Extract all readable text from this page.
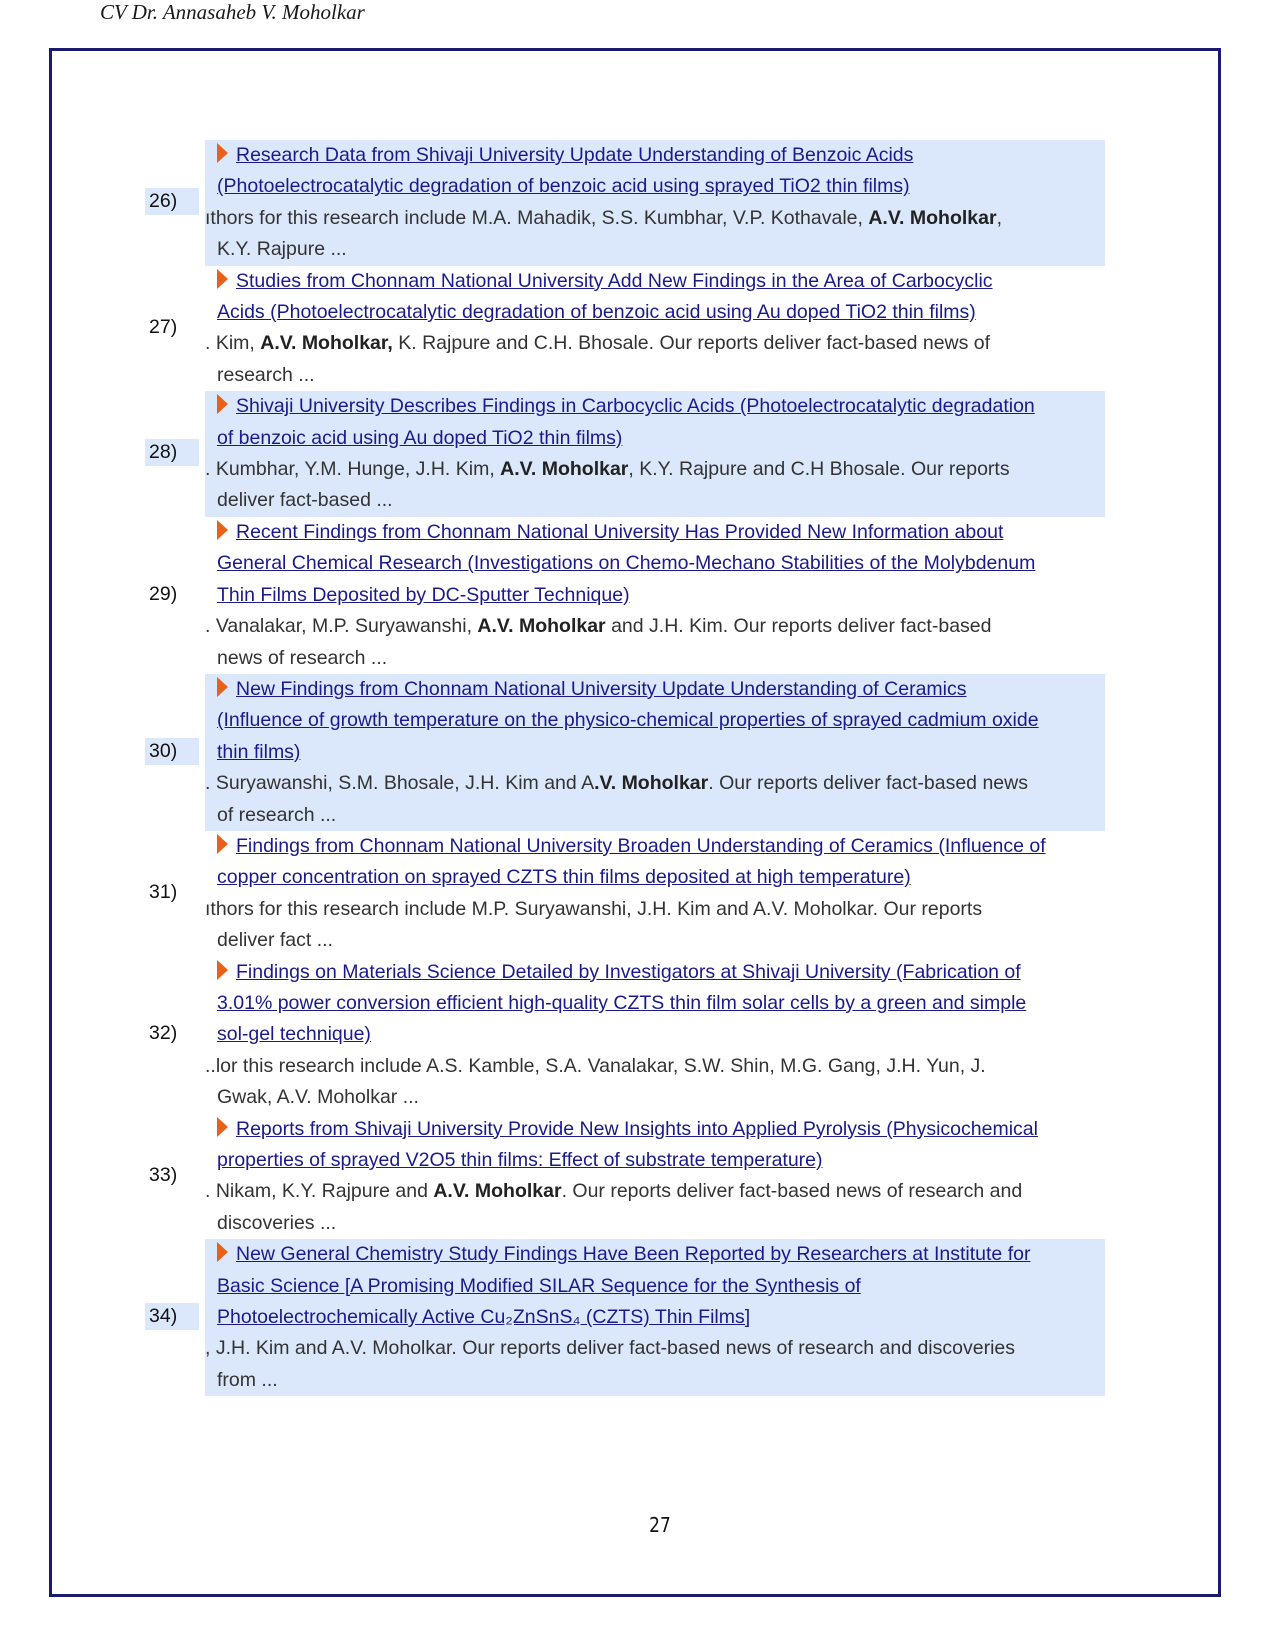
CV Dr. Annasaheb V. Moholkar
Research Data from Shivaji University Update Understanding of Benzoic Acids
(Photoelectrocatalytic degradation of benzoic acid using sprayed TiO2 thin films)
ıthors for this research include M.A. Mahadik, S.S. Kumbhar, V.P. Kothavale, A.V. Moholkar,
K.Y. Rajpure ...
26)
Studies from Chonnam National University Add New Findings in the Area of Carbocyclic
Acids (Photoelectrocatalytic degradation of benzoic acid using Au doped TiO2 thin films)
. Kim, A.V. Moholkar, K. Rajpure and C.H. Bhosale. Our reports deliver fact-based news of
research ...
27)
Shivaji University Describes Findings in Carbocyclic Acids (Photoelectrocatalytic degradation
of benzoic acid using Au doped TiO2 thin films)
. Kumbhar, Y.M. Hunge, J.H. Kim, A.V. Moholkar, K.Y. Rajpure and C.H Bhosale. Our reports
deliver fact-based ...
28)
Recent Findings from Chonnam National University Has Provided New Information about
General Chemical Research (Investigations on Chemo-Mechano Stabilities of the Molybdenum
Thin Films Deposited by DC-Sputter Technique)
. Vanalakar, M.P. Suryawanshi, A.V. Moholkar and J.H. Kim. Our reports deliver fact-based
news of research ...
29)
New Findings from Chonnam National University Update Understanding of Ceramics
(Influence of growth temperature on the physico-chemical properties of sprayed cadmium oxide
thin films)
. Suryawanshi, S.M. Bhosale, J.H. Kim and A.V. Moholkar. Our reports deliver fact-based news
of research ...
30)
Findings from Chonnam National University Broaden Understanding of Ceramics (Influence of
copper concentration on sprayed CZTS thin films deposited at high temperature)
ıthors for this research include M.P. Suryawanshi, J.H. Kim and A.V. Moholkar. Our reports
deliver fact ...
31)
Findings on Materials Science Detailed by Investigators at Shivaji University (Fabrication of
3.01% power conversion efficient high-quality CZTS thin film solar cells by a green and simple
sol-gel technique)
..lor this research include A.S. Kamble, S.A. Vanalakar, S.W. Shin, M.G. Gang, J.H. Yun, J.
Gwak, A.V. Moholkar ...
32)
Reports from Shivaji University Provide New Insights into Applied Pyrolysis (Physicochemical
properties of sprayed V2O5 thin films: Effect of substrate temperature)
. Nikam, K.Y. Rajpure and A.V. Moholkar. Our reports deliver fact-based news of research and
discoveries ...
33)
New General Chemistry Study Findings Have Been Reported by Researchers at Institute for
Basic Science [A Promising Modified SILAR Sequence for the Synthesis of
Photoelectrochemically Active Cu₂ZnSnS₄ (CZTS) Thin Films]
, J.H. Kim and A.V. Moholkar. Our reports deliver fact-based news of research and discoveries
from ...
34)
27
